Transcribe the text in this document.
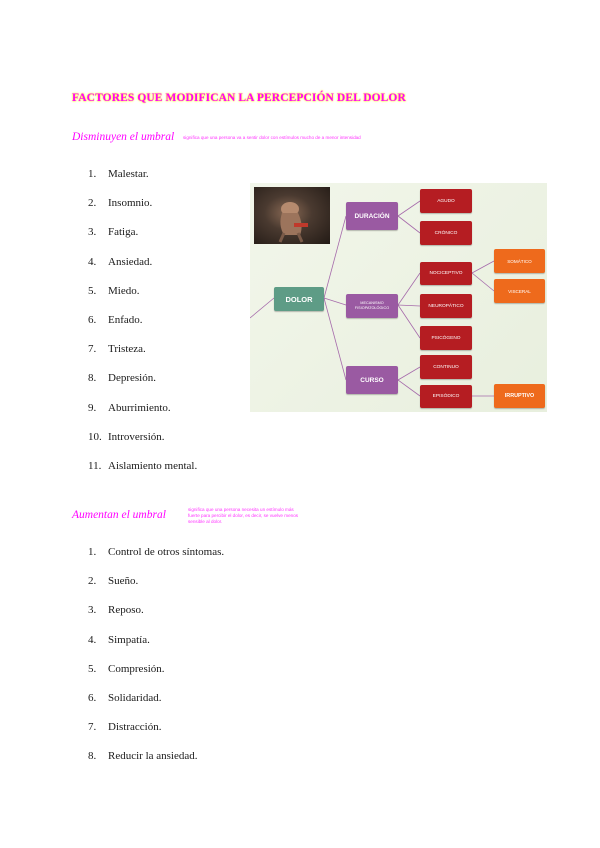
FACTORES QUE MODIFICAN LA PERCEPCIÓN DEL DOLOR
Disminuyen el umbral significa que una persona va a sentir dolor con estímulos mucho de a menor intensidad
1.	Malestar.
2.	Insomnio.
3.	Fatiga.
4.	Ansiedad.
5.	Miedo.
6.	Enfado.
7.	Tristeza.
8.	Depresión.
9.	Aburrimiento.
10. Introversión.
11. Aislamiento mental.
DOLOR
DURACIÓN
MECANISMO FISIOPATOLÓGICO
CURSO
AGUDO
CRÓNICO
NOCICEPTIVO
NEUROPÁTICO
PSICÓGENO
CONTINUO
EPISÓDICO
SOMÁTICO
VISCERAL
IRRUPTIVO
Aumentan el umbral	significa que una persona necesita un estímulo más
fuerte para percibir el dolor, es decir, se vuelve menos
sensible al dolor.
1.	Control de otros síntomas.
2.	Sueño.
3.	Reposo.
4.	Simpatía.
5.	Compresión.
6.	Solidaridad.
7.	Distracción.
8.	Reducir la ansiedad.
